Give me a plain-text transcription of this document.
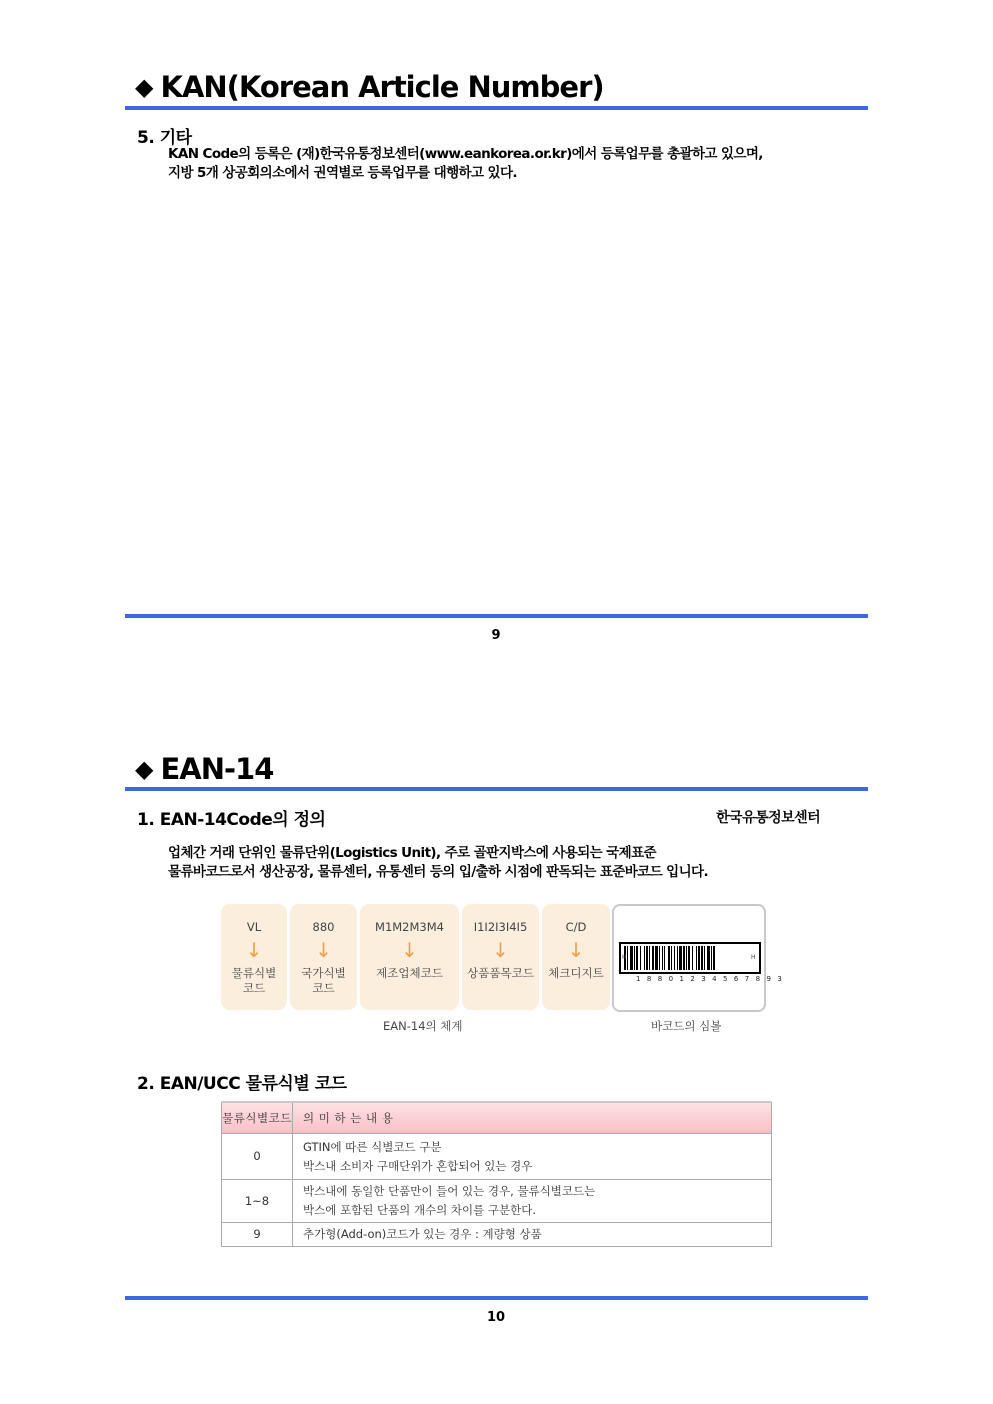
◆ KAN(Korean Article Number)
5. 기타
KAN Code의 등록은 (재)한국유통정보센터(www.eankorea.or.kr)에서 등록업무를 총괄하고 있으며,
지방 5개 상공회의소에서 권역별로 등록업무를 대행하고 있다.
9
◆ EAN-14
1. EAN-14Code의 정의	한국유통정보센터
업체간 거래 단위인 물류단위(Logistics Unit), 주로 골판지박스에 사용되는 국제표준
물류바코드로서 생산공장, 물류센터, 유통센터 등의 입/출하 시점에 판독되는 표준바코드 입니다.
VL
↓
물류식별
코드
880
↓
국가식별
코드
M1M2M3M4
↓
제조업체코드
I1I2I3I4I5
↓
상품품목코드
C/D
↓
체크디지트
H	H
1 8 8 0 1 2 3 4 5 6 7 8 9 3
EAN-14의 체계	바코드의 심볼
2. EAN/UCC 물류식별 코드
물류식별코드	의 미 하 는 내 용
0	GTIN에 따른 식별코드 구분
박스내 소비자 구매단위가 혼합되어 있는 경우

1~8	박스내에 동일한 단품만이 들어 있는 경우, 물류식별코드는
박스에 포함된 단품의 개수의 차이를 구분한다.

9	추가형(Add-on)코드가 있는 경우 : 계량형 상품
10
